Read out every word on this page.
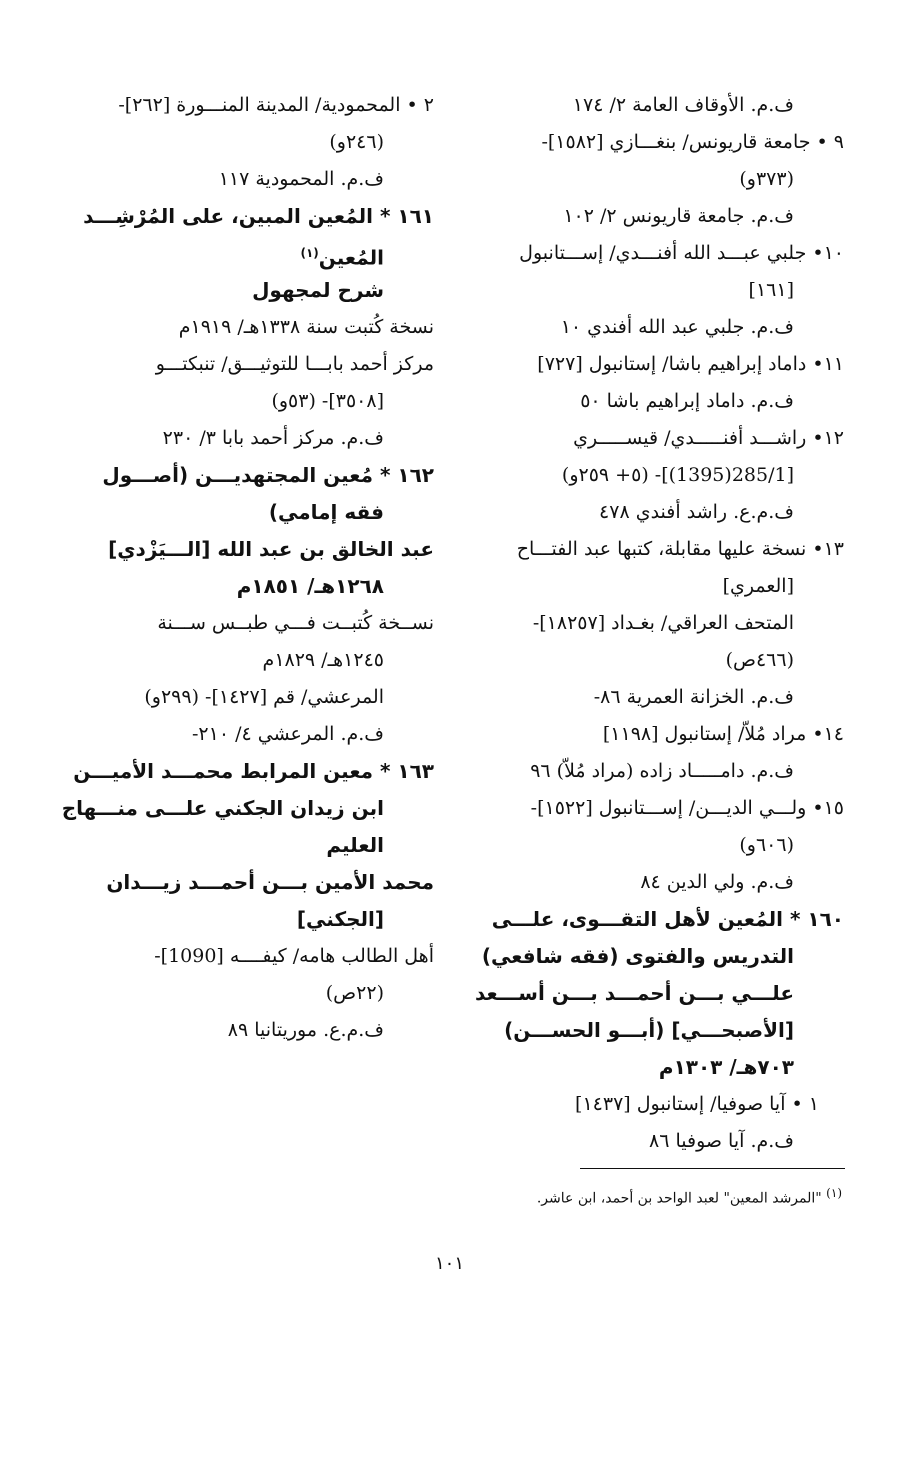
ف.م. الأوقاف العامة ٢/ ١٧٤
٩ • جامعة قاريونس/ بنغـــازي [١٥٨٢]-
(٣٧٣و)
ف.م. جامعة قاريونس ٢/ ١٠٢
١٠• جلبي عبـــد الله أفنـــدي/ إســـتانبول
[١٦١]
ف.م. جلبي عبد الله أفندي ١٠
١١• داماد إبراهيم باشا/ إستانبول [٧٢٧]
ف.م. داماد إبراهيم باشا ٥٠
١٢• راشـــد أفنـــــدي/ قيســـــري
[285/1(1395)]- (٥+ ٢٥٩و)
ف.م.ع. راشد أفندي ٤٧٨
١٣• نسخة عليها مقابلة، كتبها عبد الفتـــاح
[العمري]
المتحف العراقي/ بغـداد [١٨٢٥٧]-
(٤٦٦ص)
ف.م. الخزانة العمرية ٨٦-
١٤• مراد مُلاّ/ إستانبول [١١٩٨]
ف.م. دامـــــاد زاده (مراد مُلاّ) ٩٦
١٥• ولـــي الديـــن/ إســـتانبول [١٥٢٢]-
(٦٠٦و)
ف.م. ولي الدين ٨٤
١٦٠ * المُعين لأهل التقـــوى، علـــى
التدريس والفتوى (فقه شافعي)
علـــي بـــن أحمـــد بـــن أســـعد
[الأصبحـــي] (أبـــو الحســـن)
٧٠٣هـ/ ١٣٠٣م
١ • آيا صوفيا/ إستانبول [١٤٣٧]
ف.م. آيا صوفيا ٨٦
٢ • المحمودية/ المدينة المنـــورة [٢٦٢]-
(٢٤٦و)
ف.م. المحمودية ١١٧
١٦١ * المُعين المبين، على المُرْشِـــد
المُعين$^{(١)}$
شرح لمجهول
نسخة كُتبت سنة ١٣٣٨هـ/ ١٩١٩م
مركز أحمد بابـــا للتوثيـــق/ تنبكتـــو
[٣٥٠٨]- (٥٣و)
ف.م. مركز أحمد بابا ٣/ ٢٣٠
١٦٢ * مُعين المجتهديـــن (أصـــول
فقه إمامي)
عبد الخالق بن عبد الله [الـــيَزْدي]
١٢٦٨هـ/ ١٨٥١م
نســخة كُتبــت فـــي طبــس ســـنة
١٢٤٥هـ/ ١٨٢٩م
المرعشي/ قم [١٤٢٧]- (٢٩٩و)
ف.م. المرعشي ٤/ ٢١٠-
١٦٣ * معين المرابط محمـــد الأميـــن
ابن زيدان الجكني علـــى منـــهاج
العليم
محمد الأمين بـــن أحمـــد زيـــدان
[الجكني]
أهل الطالب هامه/ كيفــــه [1090]-
(٢٢ص)
ف.م.ع. موريتانيا ٨٩
(١) "المرشد المعين" لعبد الواحد بن أحمد، ابن عاشر.
١٠١
